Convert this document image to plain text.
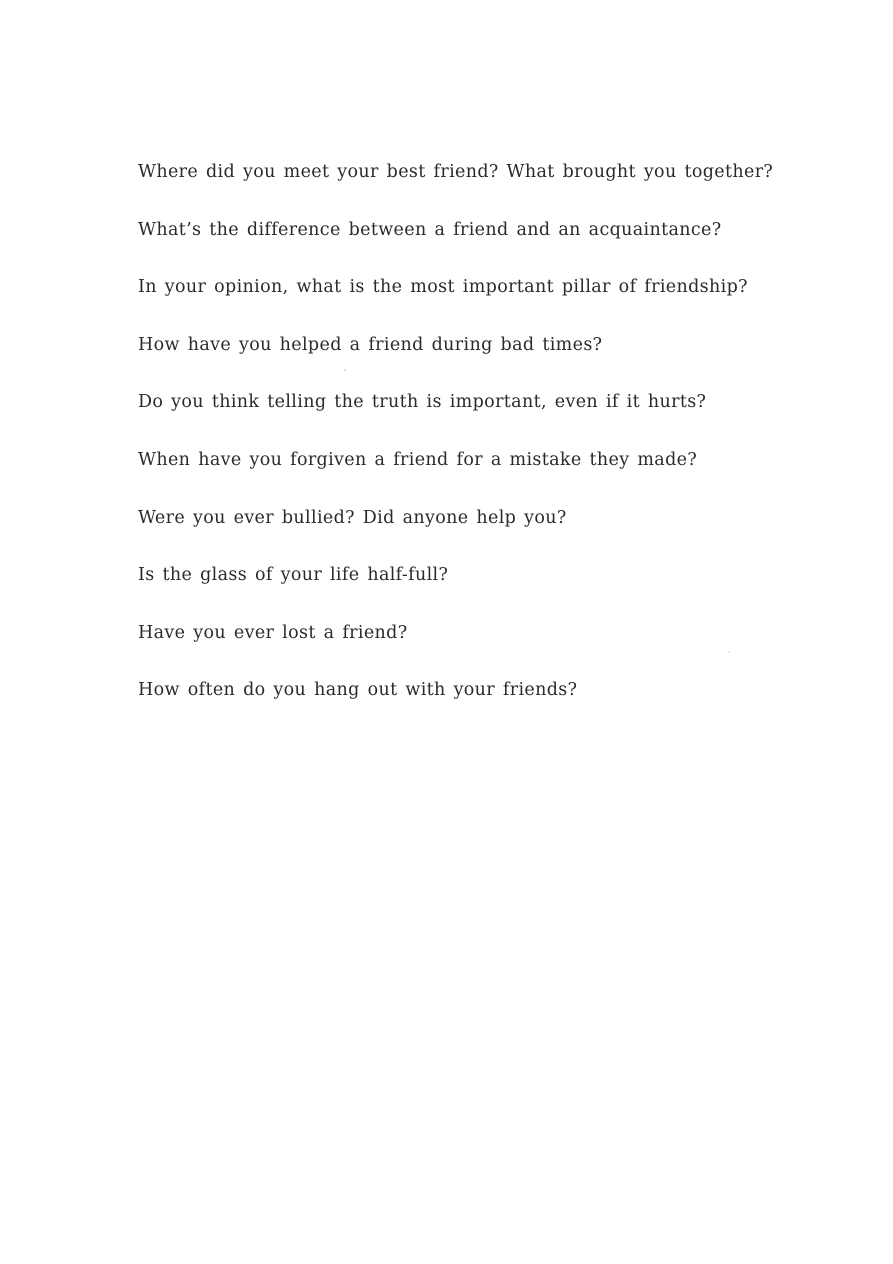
Where did you meet your best friend? What brought you together?
What’s the difference between a friend and an acquaintance?
In your opinion, what is the most important pillar of friendship?
How have you helped a friend during bad times?
Do you think telling the truth is important, even if it hurts?
When have you forgiven a friend for a mistake they made?
Were you ever bullied? Did anyone help you?
Is the glass of your life half-full?
Have you ever lost a friend?
How often do you hang out with your friends?
